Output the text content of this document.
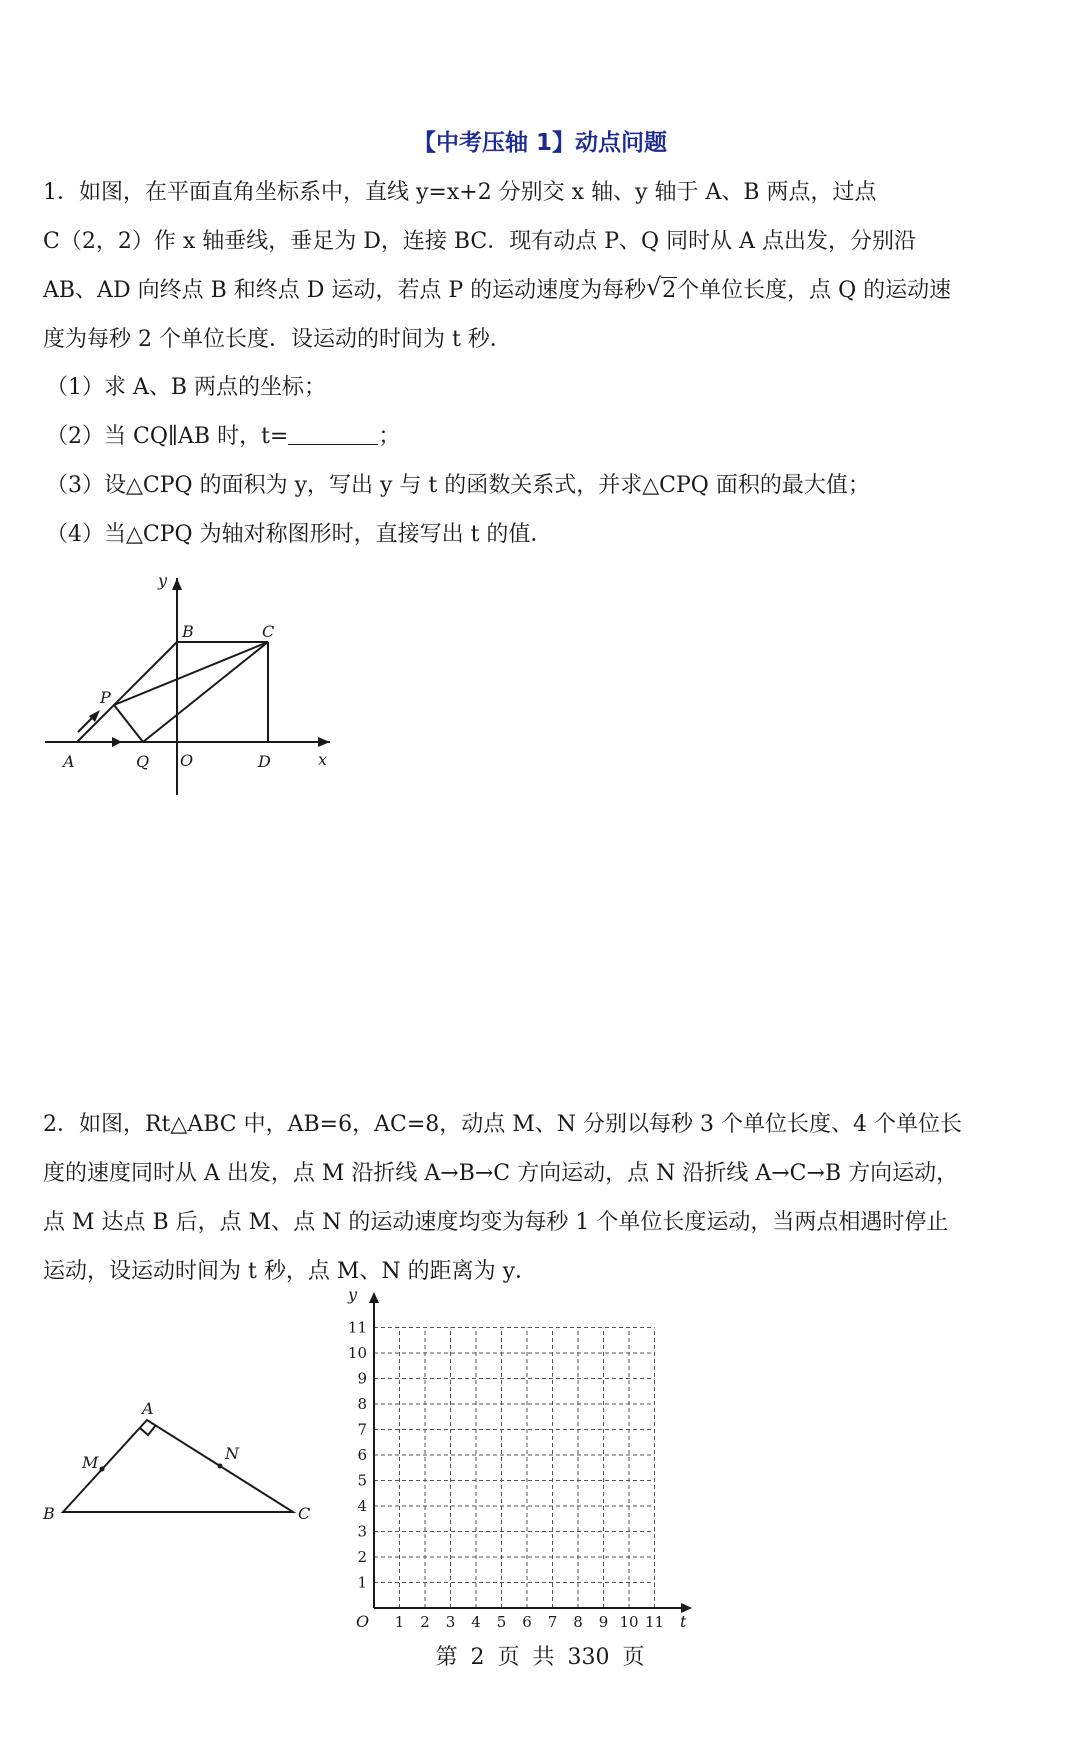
【中考压轴 1】动点问题
1．如图，在平面直角坐标系中，直线 y=x+2 分别交 x 轴、y 轴于 A、B 两点，过点
C（2，2）作 x 轴垂线，垂足为 D，连接 BC．现有动点 P、Q 同时从 A 点出发，分别沿
AB、AD 向终点 B 和终点 D 运动，若点 P 的运动速度为每秒 √ 2个单位长度，点 Q 的运动速
度为每秒 2 个单位长度．设运动的时间为 t 秒．
（1）求 A、B 两点的坐标；
（2）当 CQ∥AB 时，t=	；
（3）设△CPQ 的面积为 y，写出 y 与 t 的函数关系式，并求△CPQ 面积的最大值；
（4）当△CPQ 为轴对称图形时，直接写出 t 的值．
y
x
B	C
P
A	Q O	D
2．如图，Rt△ABC 中，AB=6，AC=8，动点 M、N 分别以每秒 3 个单位长度、4 个单位长
度的速度同时从 A 出发，点 M 沿折线 A→B→C 方向运动，点 N 沿折线 A→C→B 方向运动，
点 M 达点 B 后，点 M、点 N 的运动速度均变为每秒 1 个单位长度运动，当两点相遇时停止
运动，设运动时间为 t 秒，点 M、N 的距离为 y．
A
M	N
B	C
1 2 3 4 5 6 7 8 9 10 11
1
2
3
4
5
6
7
8
9
10
11
y
t
O
第 2 页 共 330 页
